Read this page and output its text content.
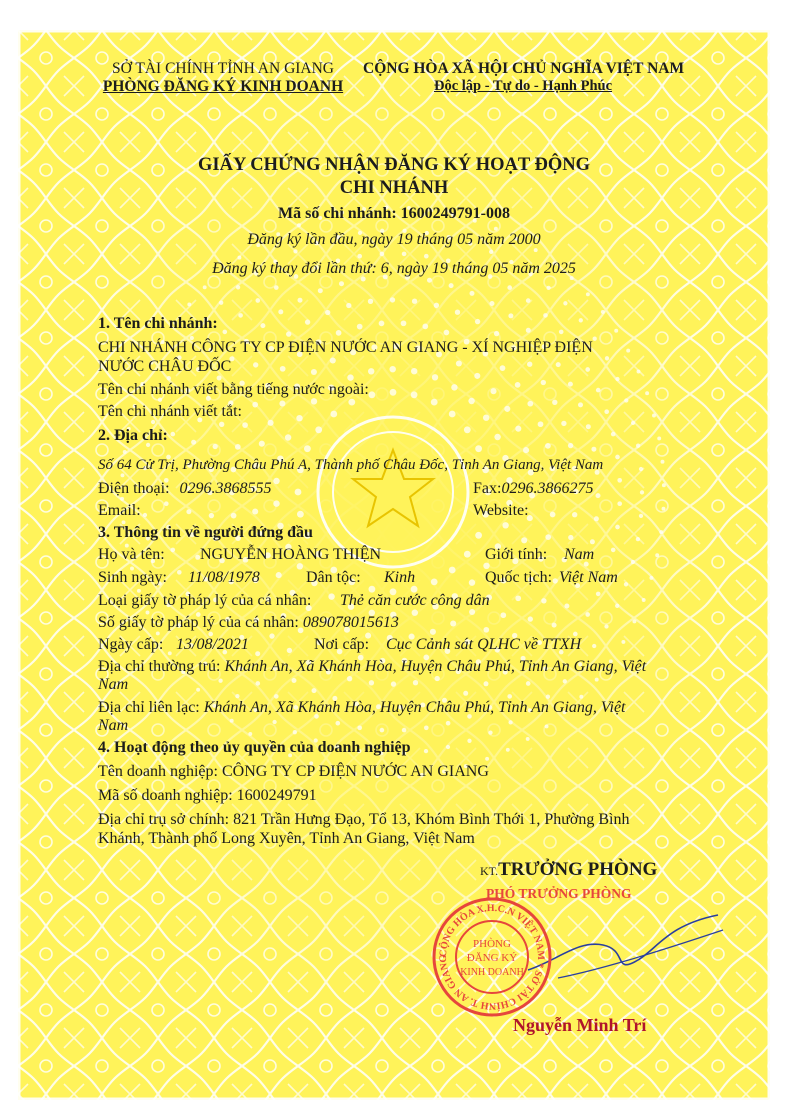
SỞ TÀI CHÍNH TỈNH AN GIANG
PHÒNG ĐĂNG KÝ KINH DOANH
CỘNG HÒA XÃ HỘI CHỦ NGHĨA VIỆT NAM
Độc lập - Tự do - Hạnh Phúc
GIẤY CHỨNG NHẬN ĐĂNG KÝ HOẠT ĐỘNG
CHI NHÁNH
Mã số chi nhánh: 1600249791-008
Đăng ký lần đầu, ngày 19 tháng 05 năm 2000
Đăng ký thay đổi lần thứ: 6, ngày 19 tháng 05 năm 2025
1. Tên chi nhánh:
CHI NHÁNH CÔNG TY CP ĐIỆN NƯỚC AN GIANG - XÍ NGHIỆP ĐIỆN
NƯỚC CHÂU ĐỐC
Tên chi nhánh viết bằng tiếng nước ngoài:
Tên chi nhánh viết tắt:
2. Địa chỉ:
Số 64 Cử Trị, Phường Châu Phú A, Thành phố Châu Đốc, Tỉnh An Giang, Việt Nam
Điện thoại: 0296.3868555	Fax:0296.3866275
Email:	Website:
3. Thông tin về người đứng đầu
Họ và tên: NGUYỄN HOÀNG THIỆN	Giới tính: Nam
Sinh ngày: 11/08/1978	Dân tộc: Kinh	Quốc tịch: Việt Nam
Loại giấy tờ pháp lý của cá nhân: Thẻ căn cước công dân
Số giấy tờ pháp lý của cá nhân: 089078015613
Ngày cấp: 13/08/2021	Nơi cấp: Cục Cảnh sát QLHC về TTXH
Địa chỉ thường trú: Khánh An, Xã Khánh Hòa, Huyện Châu Phú, Tỉnh An Giang, Việt
Nam
Địa chỉ liên lạc: Khánh An, Xã Khánh Hòa, Huyện Châu Phú, Tỉnh An Giang, Việt
Nam
4. Hoạt động theo ủy quyền của doanh nghiệp
Tên doanh nghiệp: CÔNG TY CP ĐIỆN NƯỚC AN GIANG
Mã số doanh nghiệp: 1600249791
Địa chỉ trụ sở chính: 821 Trần Hưng Đạo, Tổ 13, Khóm Bình Thới 1, Phường Bình
Khánh, Thành phố Long Xuyên, Tỉnh An Giang, Việt Nam
KT.TRƯỞNG PHÒNG
PHÓ TRƯỞNG PHÒNG
CỘNG HÒA X.H.C.N VIỆT NAM * SỞ TÀI CHÍNH T. AN GIANG
PHÒNG
ĐĂNG KÝ
KINH DOANH
Nguyễn Minh Trí
